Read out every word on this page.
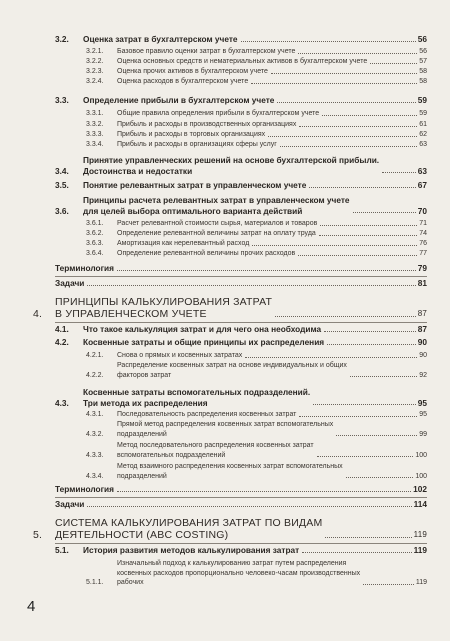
3.2.	Оценка затрат в бухгалтерском учете	56
3.2.1.	Базовое правило оценки затрат в бухгалтерском учете	56
3.2.2.	Оценка основных средств и нематериальных активов в бухгалтерском учете	57
3.2.3.	Оценка прочих активов в бухгалтерском учете	58
3.2.4.	Оценка расходов в бухгалтерском учете	58
3.3.	Определение прибыли в бухгалтерском учете	59
3.3.1.	Общие правила определения прибыли в бухгалтерском учете	59
3.3.2.	Прибыль и расходы в производственных организациях	61
3.3.3.	Прибыль и расходы в торговых организациях	62
3.3.4.	Прибыль и расходы в организациях сферы услуг	63
3.4.
Принятие управленческих решений на основе бухгалтерской прибыли.
Достоинства и недостатки	63
3.5.	Понятие релевантных затрат в управленческом учете	67
3.6.
Принципы расчета релевантных затрат в управленческом учете
для целей выбора оптимального варианта действий	70
3.6.1.	Расчет релевантной стоимости сырья, материалов и товаров	71
3.6.2.	Определение релевантной величины затрат на оплату труда	74
3.6.3.	Амортизация как нерелевантный расход	76
3.6.4.	Определение релевантной величины прочих расходов	77
Терминология	79
Задачи	81
4.
ПРИНЦИПЫ КАЛЬКУЛИРОВАНИЯ ЗАТРАТ
В УПРАВЛЕНЧЕСКОМ УЧЕТЕ	87
4.1.	Что такое калькуляция затрат и для чего она необходима	87
4.2.	Косвенные затраты и общие принципы их распределения	90
4.2.1.	Снова о прямых и косвенных затратах	90
4.2.2.
Распределение косвенных затрат на основе индивидуальных и общих
факторов затрат	92
4.3.
Косвенные затраты вспомогательных подразделений.
Три метода их распределения	95
4.3.1.	Последовательность распределения косвенных затрат	95
4.3.2.
Прямой метод распределения косвенных затрат вспомогательных
подразделений	99
4.3.3.
Метод последовательного распределения косвенных затрат
вспомогательных подразделений	100
4.3.4.
Метод взаимного распределения косвенных затрат вспомогательных
подразделений	100
Терминология	102
Задачи	114
5.
СИСТЕМА КАЛЬКУЛИРОВАНИЯ ЗАТРАТ ПО ВИДАМ
ДЕЯТЕЛЬНОСТИ (ABC COSTING)	119
5.1.	История развития методов калькулирования затрат	119
5.1.1.
Изначальный подход к калькулированию затрат путем распределения
косвенных расходов пропорционально человеко-часам производственных
рабочих	119
4
